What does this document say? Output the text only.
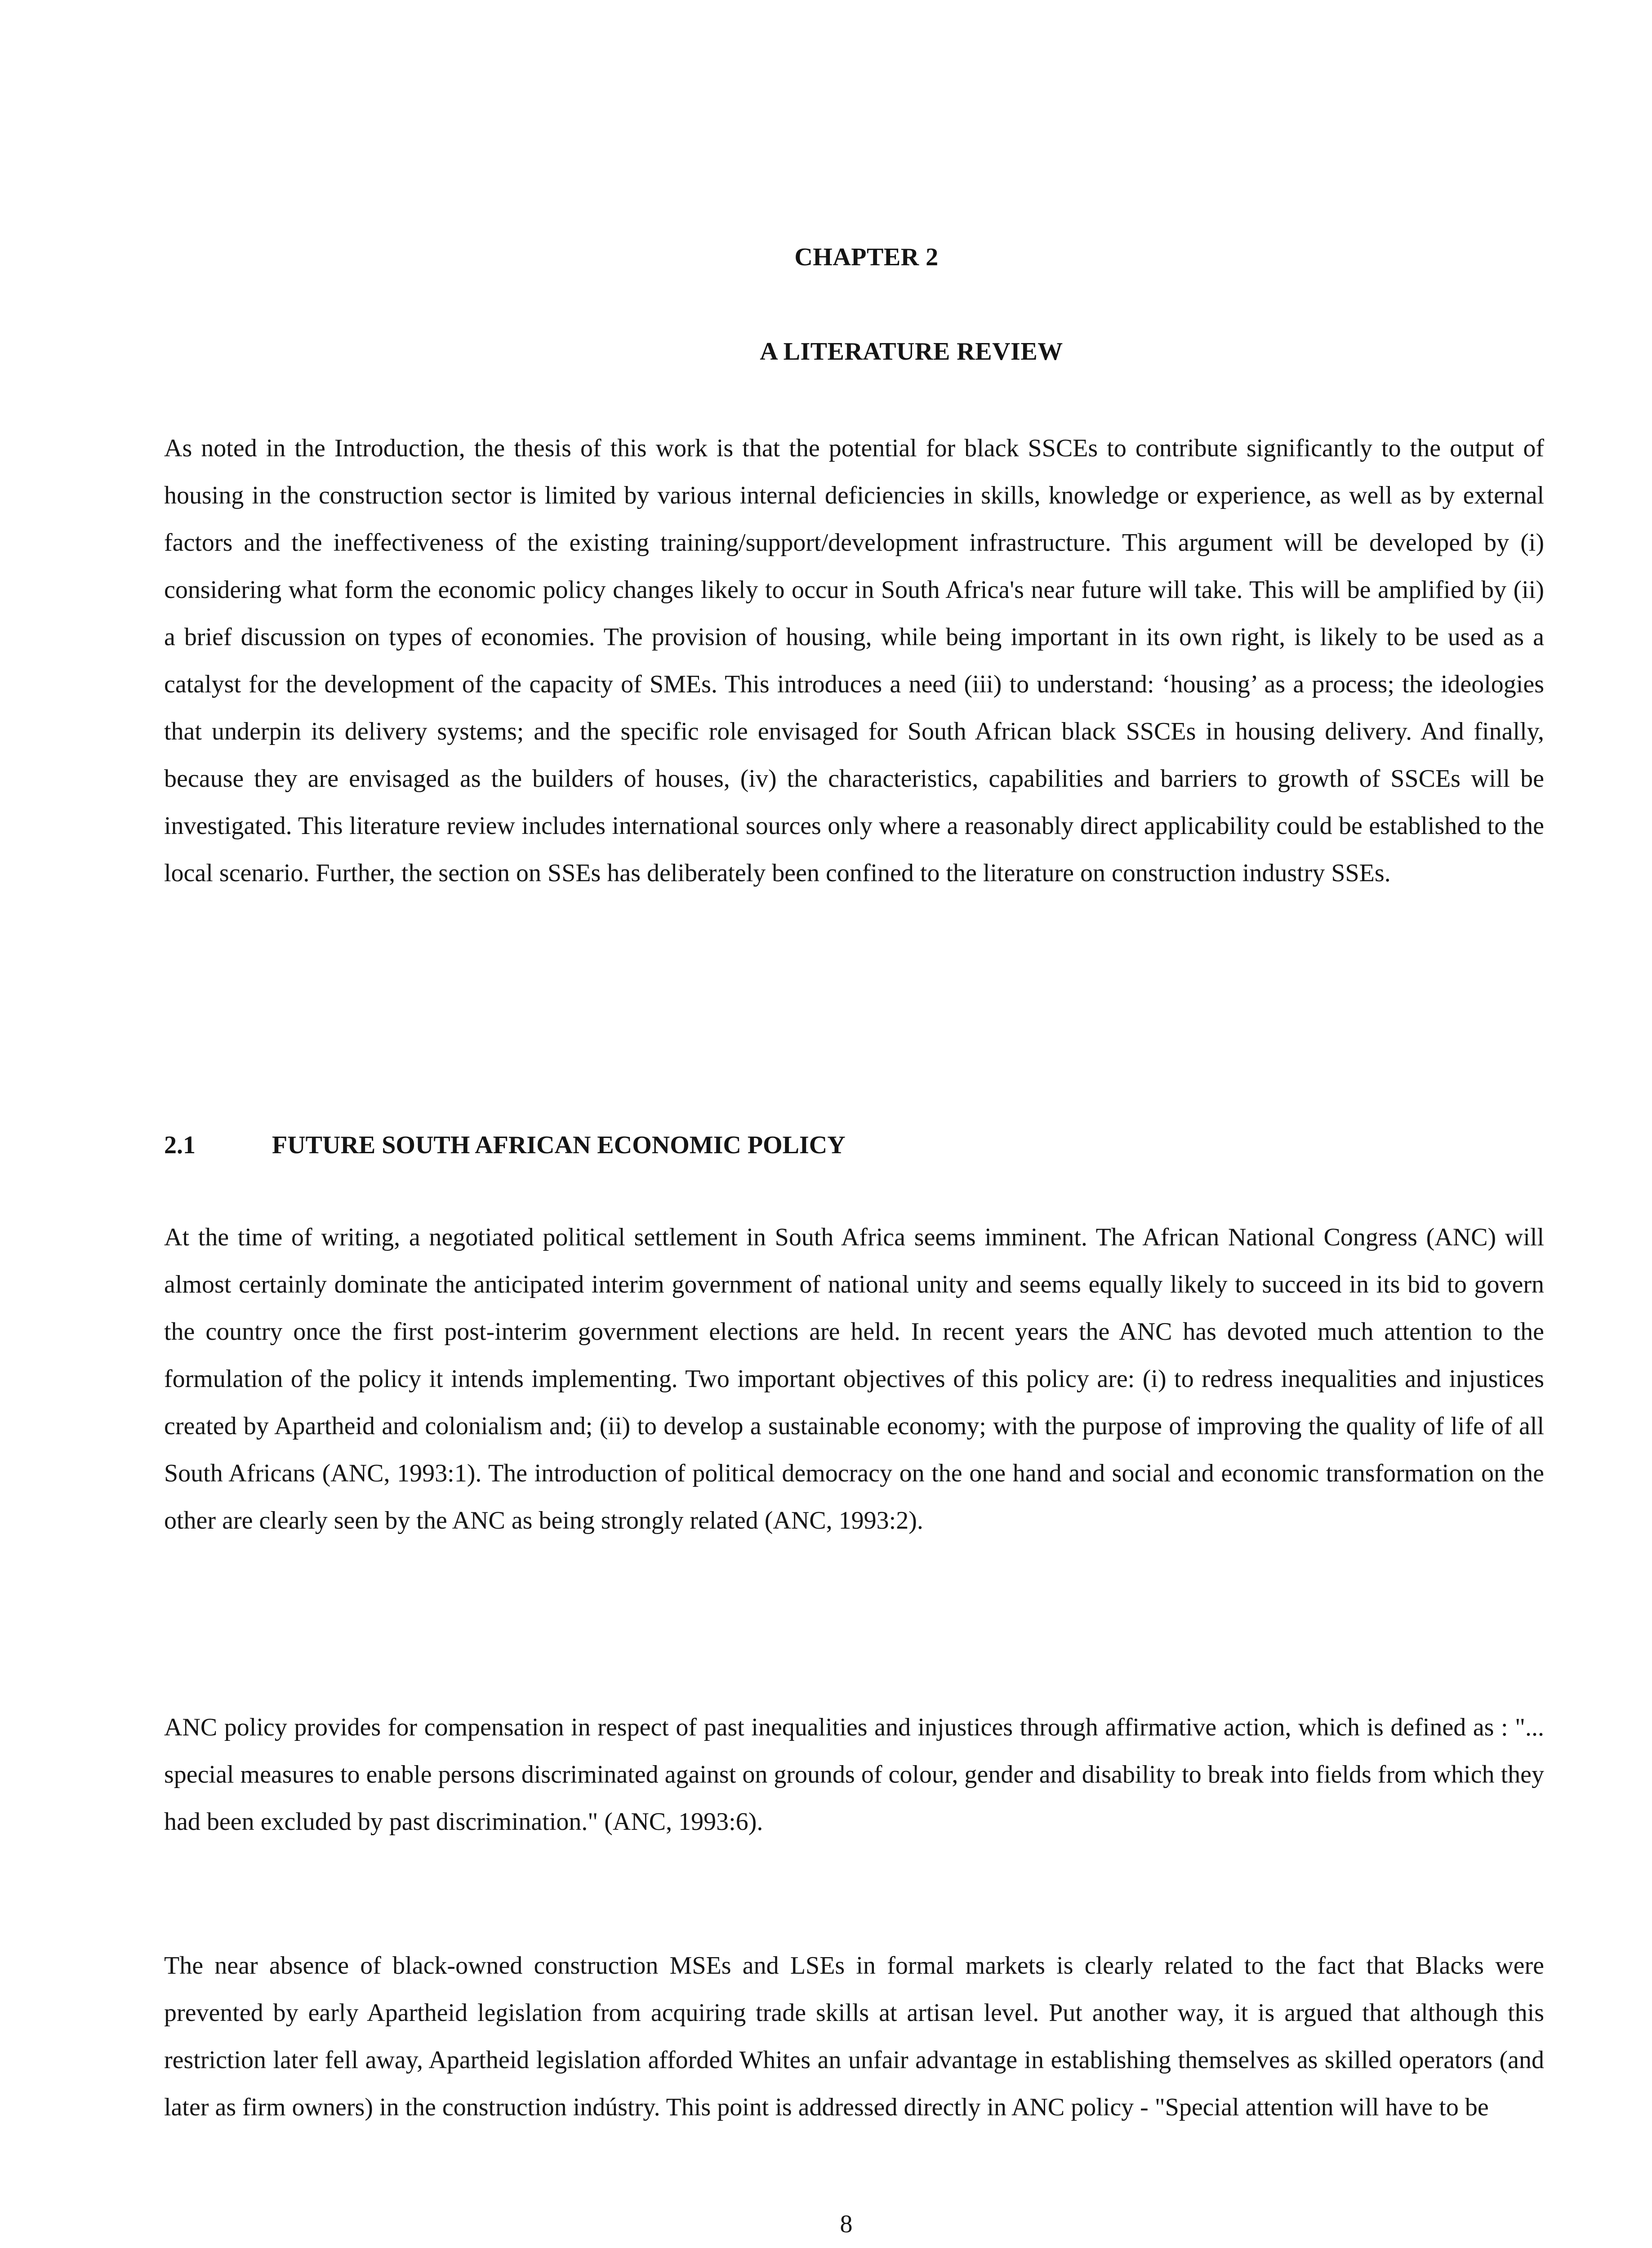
CHAPTER 2
A LITERATURE REVIEW

As noted in the Introduction, the thesis of this work is that the potential for black SSCEs to contribute significantly to the output of housing in the construction sector is limited by various internal deficiencies in skills, knowledge or experience, as well as by external factors and the ineffectiveness of the existing training/support/development infrastructure. This argument will be developed by (i) considering what form the economic policy changes likely to occur in South Africa's near future will take. This will be amplified by (ii) a brief discussion on types of economies. The provision of housing, while being important in its own right, is likely to be used as a catalyst for the development of the capacity of SMEs. This introduces a need (iii) to understand: ‘housing’ as a process; the ideologies that underpin its delivery systems; and the specific role envisaged for South African black SSCEs in housing delivery. And finally, because they are envisaged as the builders of houses, (iv) the characteristics, capabilities and barriers to growth of SSCEs will be investigated. This literature review includes international sources only where a reasonably direct applicability could be established to the local scenario. Further, the section on SSEs has deliberately been confined to the literature on construction industry SSEs.

2.1	FUTURE SOUTH AFRICAN ECONOMIC POLICY

At the time of writing, a negotiated political settlement in South Africa seems imminent. The African National Congress (ANC) will almost certainly dominate the anticipated interim government of national unity and seems equally likely to succeed in its bid to govern the country once the first post-interim government elections are held. In recent years the ANC has devoted much attention to the formulation of the policy it intends implementing. Two important objectives of this policy are: (i) to redress inequalities and injustices created by Apartheid and colonialism and; (ii) to develop a sustainable economy; with the purpose of improving the quality of life of all South Africans (ANC, 1993:1). The introduction of political democracy on the one hand and social and economic transformation on the other are clearly seen by the ANC as being strongly related (ANC, 1993:2).

ANC policy provides for compensation in respect of past inequalities and injustices through affirmative action, which is defined as : "... special measures to enable persons discriminated against on grounds of colour, gender and disability to break into fields from which they had been excluded by past discrimination." (ANC, 1993:6).

The near absence of black-owned construction MSEs and LSEs in formal markets is clearly related to the fact that Blacks were prevented by early Apartheid legislation from acquiring trade skills at artisan level. Put another way, it is argued that although this restriction later fell away, Apartheid legislation afforded Whites an unfair advantage in establishing themselves as skilled operators (and later as firm owners) in the construction indústry. This point is addressed directly in ANC policy - "Special attention will have to be

8
